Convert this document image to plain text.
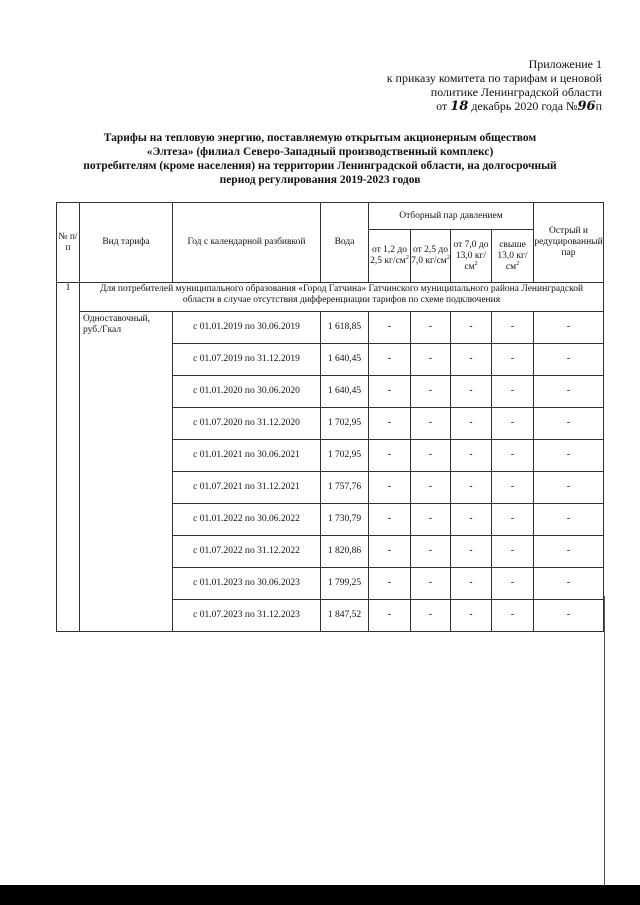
Приложение 1
к приказу комитета по тарифам и ценовой
политике Ленинградской области
от 18 декабрь 2020 года №96п
Тарифы на тепловую энергию, поставляемую открытым акционерным обществом
«Элтеза» (филиал Северо-Западный производственный комплекс)
потребителям (кроме населения) на территории Ленинградской области, на долгосрочный
период регулирования 2019-2023 годов
№ п/п	Вид тарифа	Год с календарной разбивкой	Вода	Отборный пар давлением				Острый и редуцированный пар
				от 1,2 до 2,5 $кг/см^2$	от 2,5 до 7,0 $кг/см^2$	от 7,0 до 13,0 $кг/см^2$	свыше 13,0 $кг/см^2$
1	Для потребителей муниципального образования «Город Гатчина» Гатчинского муниципального района Ленинградской области в случае отсутствия дифференциации тарифов по схеме подключения							
	Одноставочный, руб./Гкал	с 01.01.2019 по 30.06.2019	1 618,85	-	-	-	-	-
		с 01.07.2019 по 31.12.2019	1 640,45	-	-	-	-	-
		с 01.01.2020 по 30.06.2020	1 640,45	-	-	-	-	-
		с 01.07.2020 по 31.12.2020	1 702,95	-	-	-	-	-
		с 01.01.2021 по 30.06.2021	1 702,95	-	-	-	-	-
		с 01.07.2021 по 31.12.2021	1 757,76	-	-	-	-	-
		с 01.01.2022 по 30.06.2022	1 730,79	-	-	-	-	-
		с 01.07.2022 по 31.12.2022	1 820,86	-	-	-	-	-
		с 01.01.2023 по 30.06.2023	1 799,25	-	-	-	-	-
		с 01.07.2023 по 31.12.2023	1 847,52	-	-	-	-	-
